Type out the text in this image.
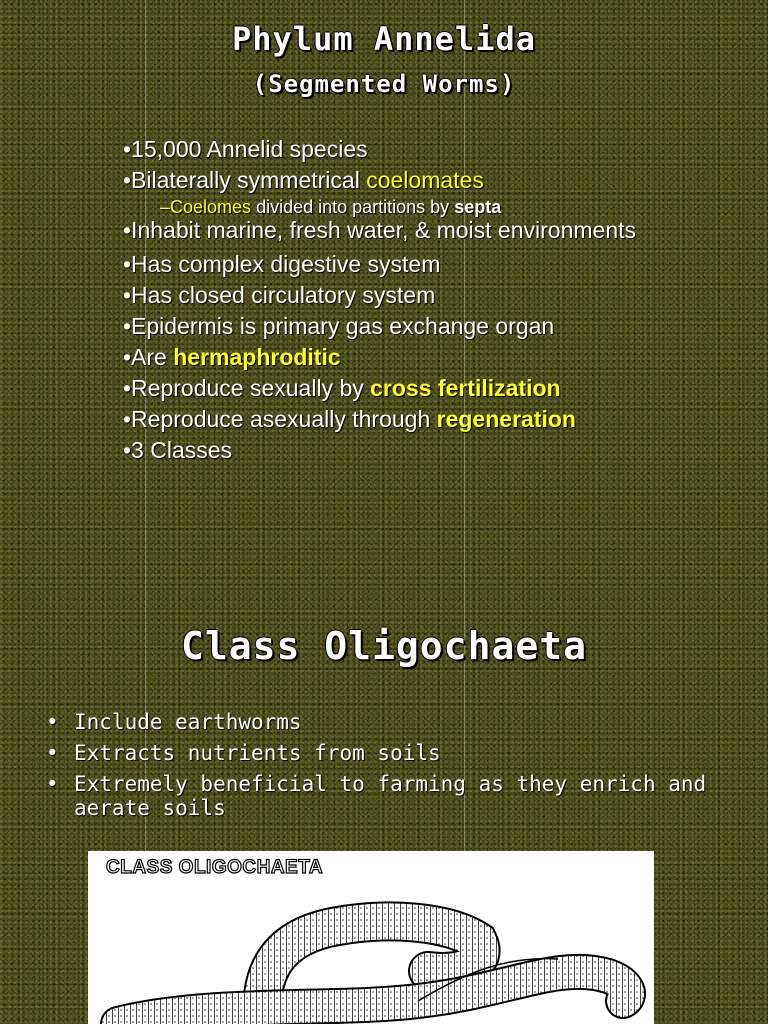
Phylum Annelida
(Segmented Worms)
•15,000 Annelid species
•Bilaterally symmetrical coelomates
–Coelomes divided into partitions by septa
•Inhabit marine, fresh water, & moist environments
•Has complex digestive system
•Has closed circulatory system
•Epidermis is primary gas exchange organ
•Are hermaphroditic
•Reproduce sexually by cross fertilization
•Reproduce asexually through regeneration
•3 Classes
Class Oligochaeta
• Include earthworms
• Extracts nutrients from soils
• Extremely beneficial to farming as they enrich and aerate soils
CLASS OLIGOCHAETA
